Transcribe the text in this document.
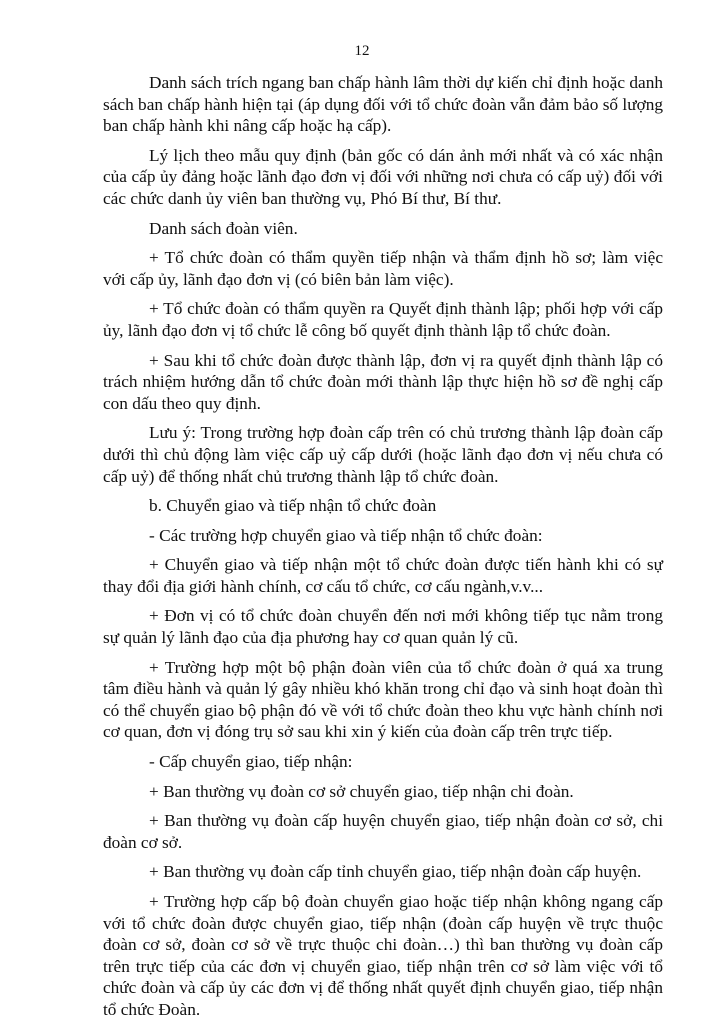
12

Danh sách trích ngang ban chấp hành lâm thời dự kiến chỉ định hoặc danh sách ban chấp hành hiện tại (áp dụng đối với tổ chức đoàn vẫn đảm bảo số lượng ban chấp hành khi nâng cấp hoặc hạ cấp).

Lý lịch theo mẫu quy định (bản gốc có dán ảnh mới nhất và có xác nhận của cấp ủy đảng hoặc lãnh đạo đơn vị đối với những nơi chưa có cấp uỷ) đối với các chức danh ủy viên ban thường vụ, Phó Bí thư, Bí thư.

Danh sách đoàn viên.

+ Tổ chức đoàn có thẩm quyền tiếp nhận và thẩm định hồ sơ; làm việc với cấp ủy, lãnh đạo đơn vị (có biên bản làm việc).

+ Tổ chức đoàn có thẩm quyền ra Quyết định thành lập; phối hợp với cấp ủy, lãnh đạo đơn vị tổ chức lễ công bố quyết định thành lập tổ chức đoàn.

+ Sau khi tổ chức đoàn được thành lập, đơn vị ra quyết định thành lập có trách nhiệm hướng dẫn tổ chức đoàn mới thành lập thực hiện hồ sơ đề nghị cấp con dấu theo quy định.

Lưu ý: Trong trường hợp đoàn cấp trên có chủ trương thành lập đoàn cấp dưới thì chủ động làm việc cấp uỷ cấp dưới (hoặc lãnh đạo đơn vị nếu chưa có cấp uỷ) để thống nhất chủ trương thành lập tổ chức đoàn.

b. Chuyển giao và tiếp nhận tổ chức đoàn

- Các trường hợp chuyển giao và tiếp nhận tổ chức đoàn:

+ Chuyển giao và tiếp nhận một tổ chức đoàn được tiến hành khi có sự thay đổi địa giới hành chính, cơ cấu tổ chức, cơ cấu ngành,v.v...

+ Đơn vị có tổ chức đoàn chuyển đến nơi mới không tiếp tục nằm trong sự quản lý lãnh đạo của địa phương hay cơ quan quản lý cũ.

+ Trường hợp một bộ phận đoàn viên của tổ chức đoàn ở quá xa trung tâm điều hành và quản lý gây nhiều khó khăn trong chỉ đạo và sinh hoạt đoàn thì có thể chuyển giao bộ phận đó về với tổ chức đoàn theo khu vực hành chính nơi cơ quan, đơn vị đóng trụ sở sau khi xin ý kiến của đoàn cấp trên trực tiếp.

- Cấp chuyển giao, tiếp nhận:

+ Ban thường vụ đoàn cơ sở chuyển giao, tiếp nhận chi đoàn.

+ Ban thường vụ đoàn cấp huyện chuyển giao, tiếp nhận đoàn cơ sở, chi đoàn cơ sở.

+ Ban thường vụ đoàn cấp tỉnh chuyển giao, tiếp nhận đoàn cấp huyện.

+ Trường hợp cấp bộ đoàn chuyển giao hoặc tiếp nhận không ngang cấp với tổ chức đoàn được chuyển giao, tiếp nhận (đoàn cấp huyện về trực thuộc đoàn cơ sở, đoàn cơ sở về trực thuộc chi đoàn…) thì ban thường vụ đoàn cấp trên trực tiếp của các đơn vị chuyển giao, tiếp nhận trên cơ sở làm việc với tổ chức đoàn và cấp ủy các đơn vị để thống nhất quyết định chuyển giao, tiếp nhận tổ chức Đoàn.
